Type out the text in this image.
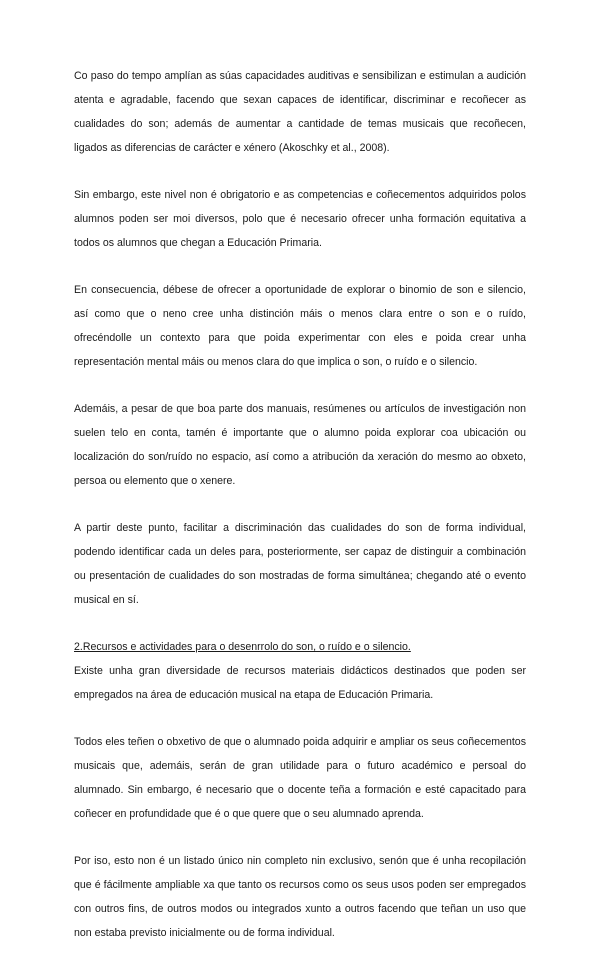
Co paso do tempo amplían as súas capacidades auditivas e sensibilizan e estimulan a audición atenta e agradable, facendo que sexan capaces de identificar, discriminar e recoñecer as cualidades do son; además de aumentar a cantidade de temas musicais que recoñecen, ligados as diferencias de carácter e xénero (Akoschky et al., 2008).

Sin embargo, este nivel non é obrigatorio e as competencias e coñecementos adquiridos polos alumnos poden ser moi diversos, polo que é necesario ofrecer unha formación equitativa a todos os alumnos que chegan a Educación Primaria.

En consecuencia, débese de ofrecer a oportunidade de explorar o binomio de son e silencio, así como que o neno cree unha distinción máis o menos clara entre o son e o ruído, ofrecéndolle un contexto para que poida experimentar con eles e poida crear unha representación mental máis ou menos clara do que implica o son, o ruído e o silencio.

Ademáis, a pesar de que boa parte dos manuais, resúmenes ou artículos de investigación non suelen telo en conta, tamén é importante que o alumno poida explorar coa ubicación ou localización do son/ruído no espacio, así como a atribución da xeración do mesmo ao obxeto, persoa ou elemento que o xenere.

A partir deste punto, facilitar a discriminación das cualidades do son de forma individual, podendo identificar cada un deles para, posteriormente, ser capaz de distinguir a combinación ou presentación de cualidades do son mostradas de forma simultánea; chegando até o evento musical en sí.

2.Recursos e actividades para o desenrrolo do son, o ruído e o silencio.

Existe unha gran diversidade de recursos materiais didácticos destinados que poden ser empregados na área de educación musical na etapa de Educación Primaria.

Todos eles teñen o obxetivo de que o alumnado poida adquirir e ampliar os seus coñecementos musicais que, ademáis, serán de gran utilidade para o futuro académico e persoal do alumnado. Sin embargo, é necesario que o docente teña a formación e esté capacitado para coñecer en profundidade que é o que quere que o seu alumnado aprenda.

Por iso, esto non é un listado único nin completo nin exclusivo, senón que é unha recopilación que é fácilmente ampliable xa que tanto os recursos como os seus usos poden ser empregados con outros fins, de outros modos ou integrados xunto a outros facendo que teñan un uso que non estaba previsto inicialmente ou de forma individual.
